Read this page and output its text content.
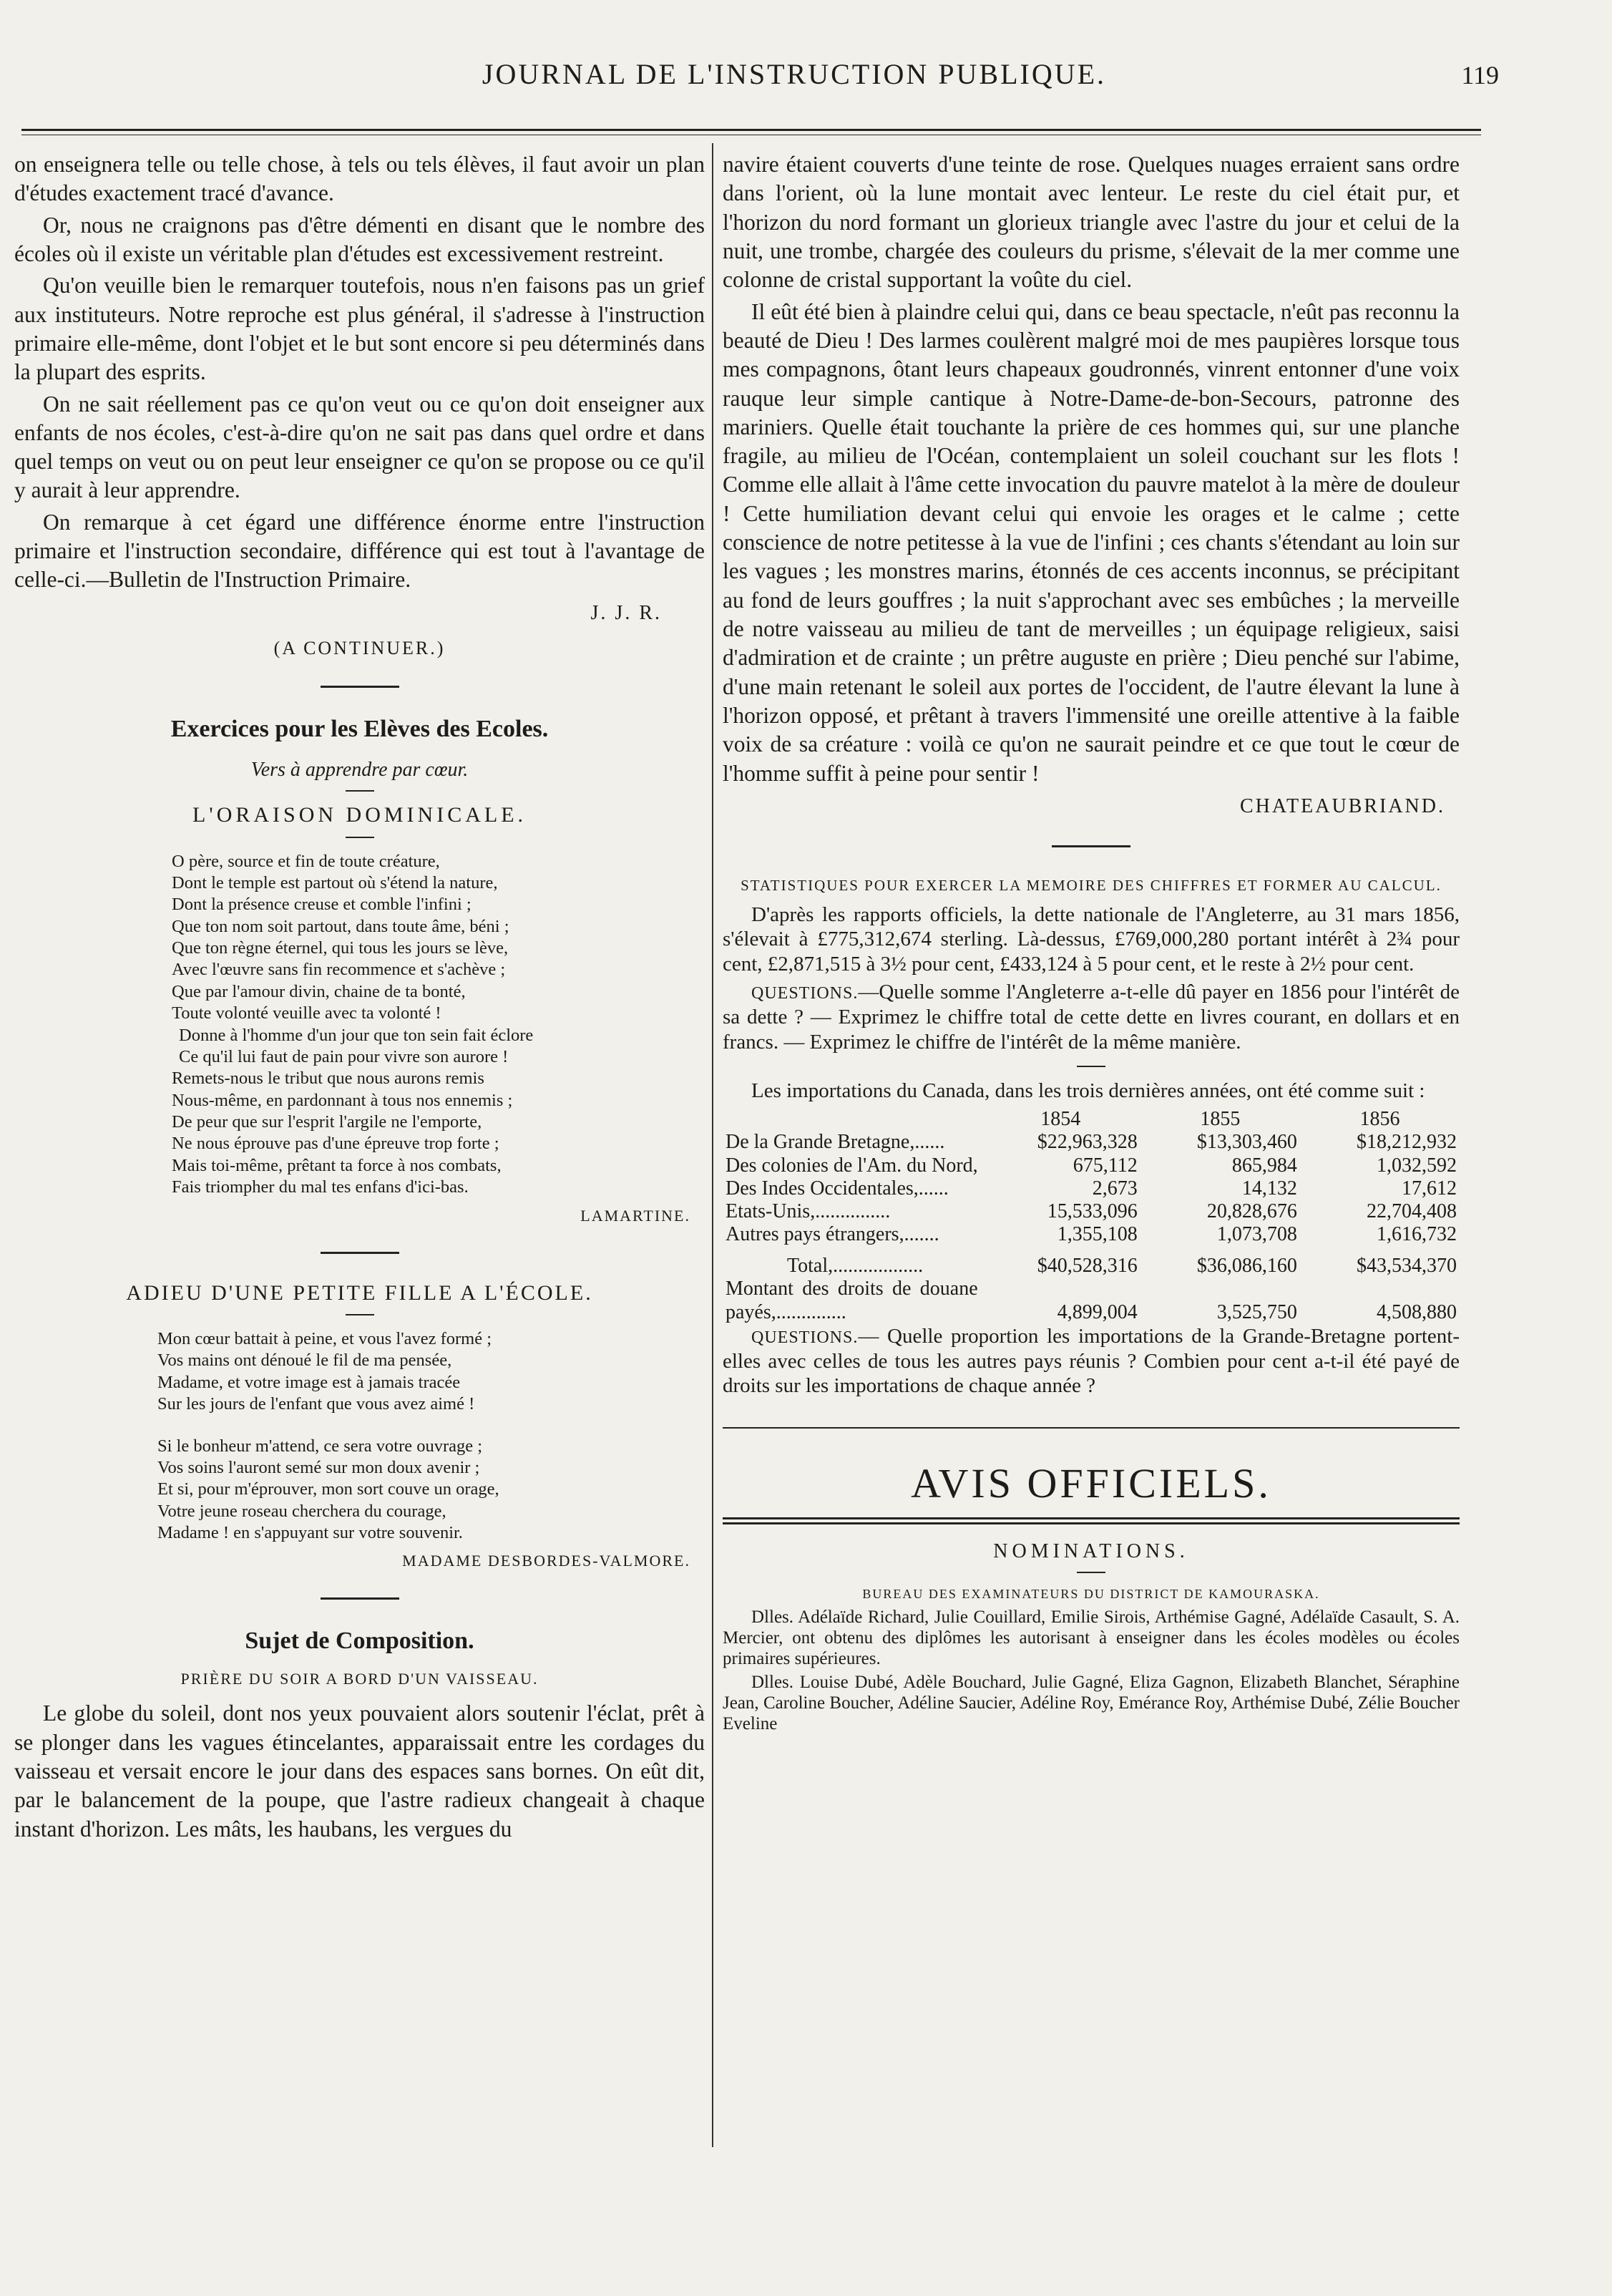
JOURNAL DE L'INSTRUCTION PUBLIQUE.	119

on enseignera telle ou telle chose, à tels ou tels élèves, il faut avoir un plan d'études exactement tracé d'avance.

Or, nous ne craignons pas d'être démenti en disant que le nombre des écoles où il existe un véritable plan d'études est excessivement restreint.

Qu'on veuille bien le remarquer toutefois, nous n'en faisons pas un grief aux instituteurs. Notre reproche est plus général, il s'adresse à l'instruction primaire elle-même, dont l'objet et le but sont encore si peu déterminés dans la plupart des esprits.

On ne sait réellement pas ce qu'on veut ou ce qu'on doit enseigner aux enfants de nos écoles, c'est-à-dire qu'on ne sait pas dans quel ordre et dans quel temps on veut ou on peut leur enseigner ce qu'on se propose ou ce qu'il y aurait à leur apprendre.

On remarque à cet égard une différence énorme entre l'instruction primaire et l'instruction secondaire, différence qui est tout à l'avantage de celle-ci.—Bulletin de l'Instruction Primaire.

J. J. R.
(A CONTINUER.)
Exercices pour les Elèves des Ecoles.
Vers à apprendre par cœur.
L'ORAISON DOMINICALE.
O père, source et fin de toute créature,
Dont le temple est partout où s'étend la nature,
Dont la présence creuse et comble l'infini ;
Que ton nom soit partout, dans toute âme, béni ;
Que ton règne éternel, qui tous les jours se lève,
Avec l'œuvre sans fin recommence et s'achève ;
Que par l'amour divin, chaine de ta bonté,
Toute volonté veuille avec ta volonté !
Donne à l'homme d'un jour que ton sein fait éclore
Ce qu'il lui faut de pain pour vivre son aurore !
Remets-nous le tribut que nous aurons remis
Nous-même, en pardonnant à tous nos ennemis ;
De peur que sur l'esprit l'argile ne l'emporte,
Ne nous éprouve pas d'une épreuve trop forte ;
Mais toi-même, prêtant ta force à nos combats,
Fais triompher du mal tes enfans d'ici-bas.
LAMARTINE.
ADIEU D'UNE PETITE FILLE A L'ÉCOLE.
Mon cœur battait à peine, et vous l'avez formé ;
Vos mains ont dénoué le fil de ma pensée,
Madame, et votre image est à jamais tracée
Sur les jours de l'enfant que vous avez aimé !
Si le bonheur m'attend, ce sera votre ouvrage ;
Vos soins l'auront semé sur mon doux avenir ;
Et si, pour m'éprouver, mon sort couve un orage,
Votre jeune roseau cherchera du courage,
Madame ! en s'appuyant sur votre souvenir.
MADAME DESBORDES-VALMORE.
Sujet de Composition.
PRIÈRE DU SOIR A BORD D'UN VAISSEAU.

Le globe du soleil, dont nos yeux pouvaient alors soutenir l'éclat, prêt à se plonger dans les vagues étincelantes, apparaissait entre les cordages du vaisseau et versait encore le jour dans des espaces sans bornes. On eût dit, par le balancement de la poupe, que l'astre radieux changeait à chaque instant d'horizon. Les mâts, les haubans, les vergues du

navire étaient couverts d'une teinte de rose. Quelques nuages erraient sans ordre dans l'orient, où la lune montait avec lenteur. Le reste du ciel était pur, et l'horizon du nord formant un glorieux triangle avec l'astre du jour et celui de la nuit, une trombe, chargée des couleurs du prisme, s'élevait de la mer comme une colonne de cristal supportant la voûte du ciel.

Il eût été bien à plaindre celui qui, dans ce beau spectacle, n'eût pas reconnu la beauté de Dieu ! Des larmes coulèrent malgré moi de mes paupières lorsque tous mes compagnons, ôtant leurs chapeaux goudronnés, vinrent entonner d'une voix rauque leur simple cantique à Notre-Dame-de-bon-Secours, patronne des mariniers. Quelle était touchante la prière de ces hommes qui, sur une planche fragile, au milieu de l'Océan, contemplaient un soleil couchant sur les flots ! Comme elle allait à l'âme cette invocation du pauvre matelot à la mère de douleur ! Cette humiliation devant celui qui envoie les orages et le calme ; cette conscience de notre petitesse à la vue de l'infini ; ces chants s'étendant au loin sur les vagues ; les monstres marins, étonnés de ces accents inconnus, se précipitant au fond de leurs gouffres ; la nuit s'approchant avec ses embûches ; la merveille de notre vaisseau au milieu de tant de merveilles ; un équipage religieux, saisi d'admiration et de crainte ; un prêtre auguste en prière ; Dieu penché sur l'abime, d'une main retenant le soleil aux portes de l'occident, de l'autre élevant la lune à l'horizon opposé, et prêtant à travers l'immensité une oreille attentive à la faible voix de sa créature : voilà ce qu'on ne saurait peindre et ce que tout le cœur de l'homme suffit à peine pour sentir !

CHATEAUBRIAND.
STATISTIQUES POUR EXERCER LA MEMOIRE DES CHIFFRES ET FORMER AU CALCUL.

D'après les rapports officiels, la dette nationale de l'Angleterre, au 31 mars 1856, s'élevait à £775,312,674 sterling. Là-dessus, £769,000,280 portant intérêt à 2¾ pour cent, £2,871,515 à 3½ pour cent, £433,124 à 5 pour cent, et le reste à 2½ pour cent.

QUESTIONS.—Quelle somme l'Angleterre a-t-elle dû payer en 1856 pour l'intérêt de sa dette ? — Exprimez le chiffre total de cette dette en livres courant, en dollars et en francs. — Exprimez le chiffre de l'intérêt de la même manière.

Les importations du Canada, dans les trois dernières années, ont été comme suit :

	1854	1855	1856
De la Grande Bretagne,......	$22,963,328	$13,303,460	$18,212,932
Des colonies de l'Am. du Nord,	675,112	865,984	1,032,592
Des Indes Occidentales,......	2,673	14,132	17,612
Etats-Unis,...............	15,533,096	20,828,676	22,704,408
Autres pays étrangers,.......	1,355,108	1,073,708	1,616,732
Total,..................	$40,528,316	$36,086,160	$43,534,370
Montant des droits de douane payés,..............	4,899,004	3,525,750	4,508,880

QUESTIONS.— Quelle proportion les importations de la Grande-Bretagne portent-elles avec celles de tous les autres pays réunis ? Combien pour cent a-t-il été payé de droits sur les importations de chaque année ?

AVIS OFFICIELS.
NOMINATIONS.
BUREAU DES EXAMINATEURS DU DISTRICT DE KAMOURASKA.

Dlles. Adélaïde Richard, Julie Couillard, Emilie Sirois, Arthémise Gagné, Adélaïde Casault, S. A. Mercier, ont obtenu des diplômes les autorisant à enseigner dans les écoles modèles ou écoles primaires supérieures.

Dlles. Louise Dubé, Adèle Bouchard, Julie Gagné, Eliza Gagnon, Elizabeth Blanchet, Séraphine Jean, Caroline Boucher, Adéline Saucier, Adéline Roy, Emérance Roy, Arthémise Dubé, Zélie Boucher Eveline
